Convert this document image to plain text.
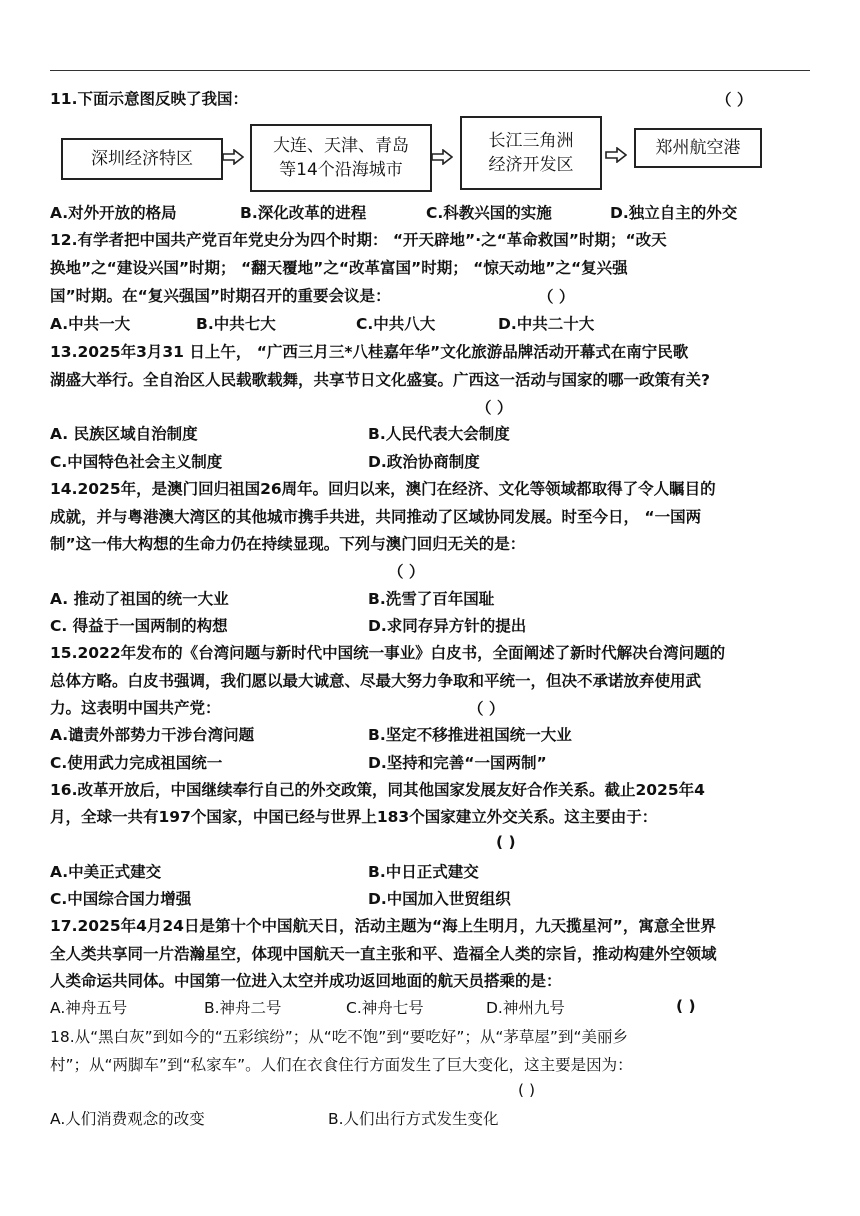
11.下面示意图反映了我国：	（ ）
深圳经济特区
大连、天津、青岛
等14个沿海城市
长江三角洲
经济开发区
郑州航空港
A.对外开放的格局	B.深化改革的进程	C.科教兴国的实施	D.独立自主的外交
12.有学者把中国共产党百年党史分为四个时期： “开天辟地”·之“革命救国”时期；“改天
换地”之“建设兴国”时期； “翻天覆地”之“改革富国”时期； “惊天动地”之“复兴强
国”时期。在“复兴强国”时期召开的重要会议是：	（ ）
A.中共一大	B.中共七大	C.中共八大	D.中共二十大
13.2025年3月31 日上午， “广西三月三*八桂嘉年华”文化旅游品牌活动开幕式在南宁民歌
湖盛大举行。全自治区人民载歌载舞，共享节日文化盛宴。广西这一活动与国家的哪一政策有关?
（ ）
A. 民族区域自治制度	B.人民代表大会制度
C.中国特色社会主义制度	D.政治协商制度
14.2025年，是澳门回归祖国26周年。回归以来，澳门在经济、文化等领域都取得了令人瞩目的
成就，并与粤港澳大湾区的其他城市携手共进，共同推动了区域协同发展。时至今日， “一国两
制”这一伟大构想的生命力仍在持续显现。下列与澳门回归无关的是：
（ ）
A. 推动了祖国的统一大业	B.洗雪了百年国耻
C. 得益于一国两制的构想	D.求同存异方针的提出
15.2022年发布的《台湾问题与新时代中国统一事业》白皮书，全面阐述了新时代解决台湾问题的
总体方略。白皮书强调，我们愿以最大诚意、尽最大努力争取和平统一，但决不承诺放弃使用武
力。这表明中国共产党：	（ ）
A.谴责外部势力干涉台湾问题	B.坚定不移推进祖国统一大业
C.使用武力完成祖国统一	D.坚持和完善“一国两制”
16.改革开放后，中国继续奉行自己的外交政策，同其他国家发展友好合作关系。截止2025年4
月，全球一共有197个国家，中国已经与世界上183个国家建立外交关系。这主要由于：
( )
A.中美正式建交	B.中日正式建交
C.中国综合国力增强	D.中国加入世贸组织
17.2025年4月24日是第十个中国航天日，活动主题为“海上生明月，九天揽星河”，寓意全世界
全人类共享同一片浩瀚星空，体现中国航天一直主张和平、造福全人类的宗旨，推动构建外空领域
人类命运共同体。中国第一位进入太空并成功返回地面的航天员搭乘的是：
( )
A.神舟五号	B.神舟二号	C.神舟七号	D.神州九号
18.从“黑白灰”到如今的“五彩缤纷”；从“吃不饱”到“要吃好”；从“茅草屋”到“美丽乡
村”；从“两脚车”到“私家车”。人们在衣食住行方面发生了巨大变化，这主要是因为：
( )
A.人们消费观念的改变	B.人们出行方式发生变化
